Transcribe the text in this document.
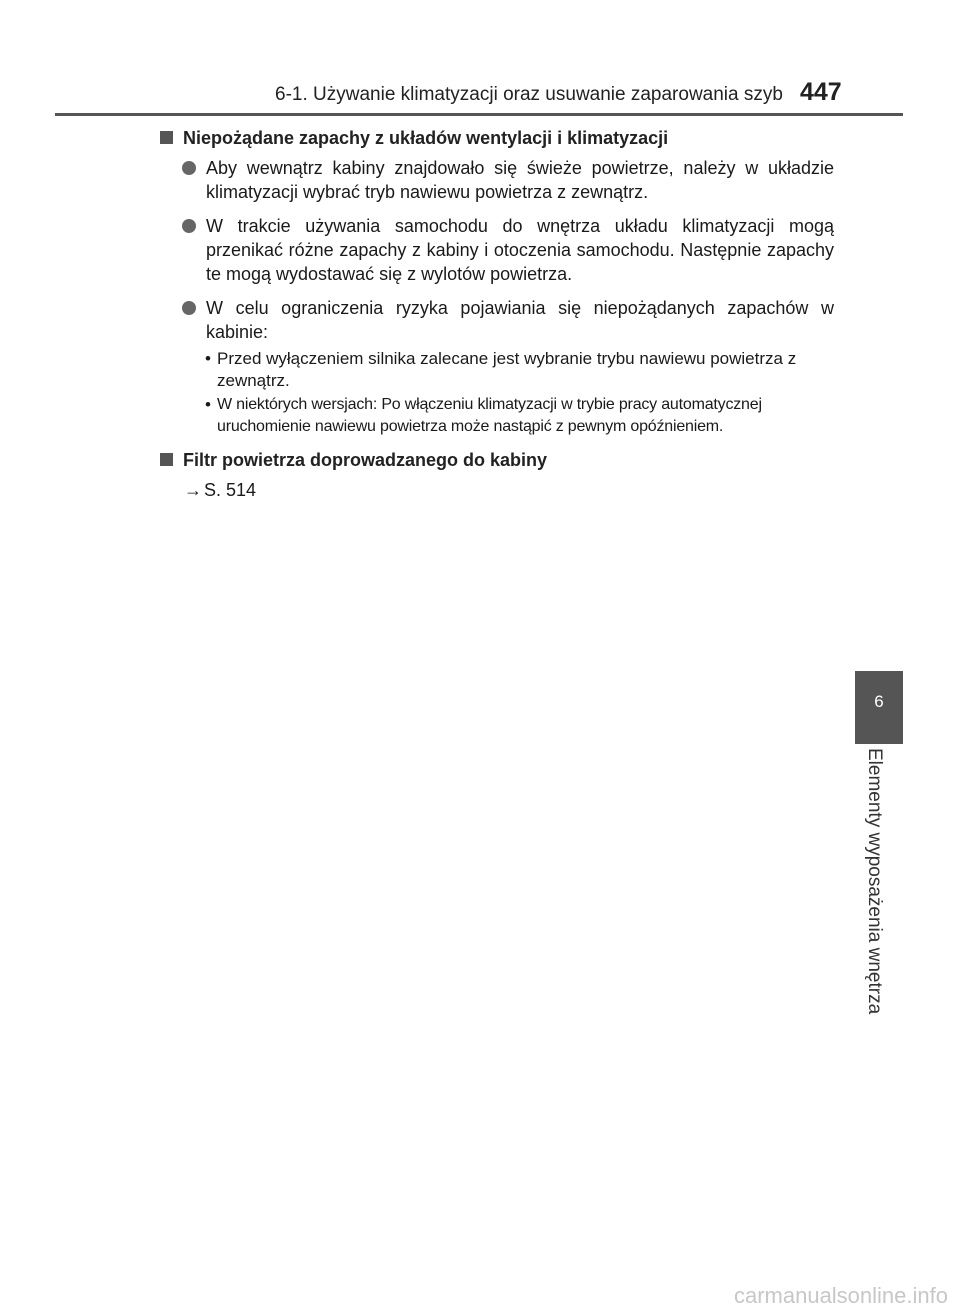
6-1. Używanie klimatyzacji oraz usuwanie zaparowania szyb 447
Niepożądane zapachy z układów wentylacji i klimatyzacji
Aby wewnątrz kabiny znajdowało się świeże powietrze, należy w układzie klimatyzacji wybrać tryb nawiewu powietrza z zewnątrz.
W trakcie używania samochodu do wnętrza układu klimatyzacji mogą przenikać różne zapachy z kabiny i otoczenia samochodu. Następnie zapachy te mogą wydostawać się z wylotów powietrza.
W celu ograniczenia ryzyka pojawiania się niepożądanych zapachów w kabinie:
• Przed wyłączeniem silnika zalecane jest wybranie trybu nawiewu powietrza z zewnątrz.
• W niektórych wersjach: Po włączeniu klimatyzacji w trybie pracy automatycznej uruchomienie nawiewu powietrza może nastąpić z pewnym opóźnieniem.
Filtr powietrza doprowadzanego do kabiny
→ S. 514
6
Elementy wyposażenia wnętrza
carmanualsonline.info
